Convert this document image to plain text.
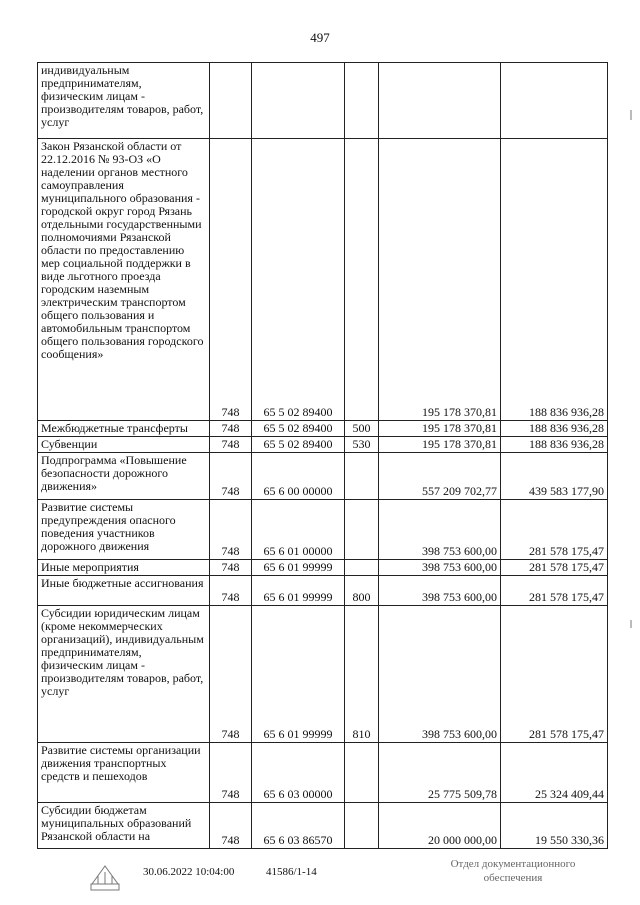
497
индивидуальным предпринимателям, физическим лицам - производителям товаров, работ, услуг					
Закон Рязанской области от 22.12.2016 № 93-ОЗ «О наделении органов местного самоуправления муниципального образования - городской округ город Рязань отдельными государственными полномочиями Рязанской области по предоставлению мер социальной поддержки в виде льготного проезда городским наземным электрическим транспортом общего пользования и автомобильным транспортом общего пользования городского сообщения»	748	65 5 02 89400		195 178 370,81	188 836 936,28
Межбюджетные трансферты	748	65 5 02 89400	500	195 178 370,81	188 836 936,28
Субвенции	748	65 5 02 89400	530	195 178 370,81	188 836 936,28
Подпрограмма «Повышение безопасности дорожного движения»	748	65 6 00 00000		557 209 702,77	439 583 177,90
Развитие системы предупреждения опасного поведения участников дорожного движения	748	65 6 01 00000		398 753 600,00	281 578 175,47
Иные мероприятия	748	65 6 01 99999		398 753 600,00	281 578 175,47
Иные бюджетные ассигнования	748	65 6 01 99999	800	398 753 600,00	281 578 175,47
Субсидии юридическим лицам (кроме некоммерческих организаций), индивидуальным предпринимателям, физическим лицам - производителям товаров, работ, услуг	748	65 6 01 99999	810	398 753 600,00	281 578 175,47
Развитие системы организации движения транспортных средств и пешеходов	748	65 6 03 00000		25 775 509,78	25 324 409,44
Субсидии бюджетам муниципальных образований Рязанской области на	748	65 6 03 86570		20 000 000,00	19 550 330,36
30.06.2022 10:04:00	41586/1-14
Отдел документационного
обеспечения
